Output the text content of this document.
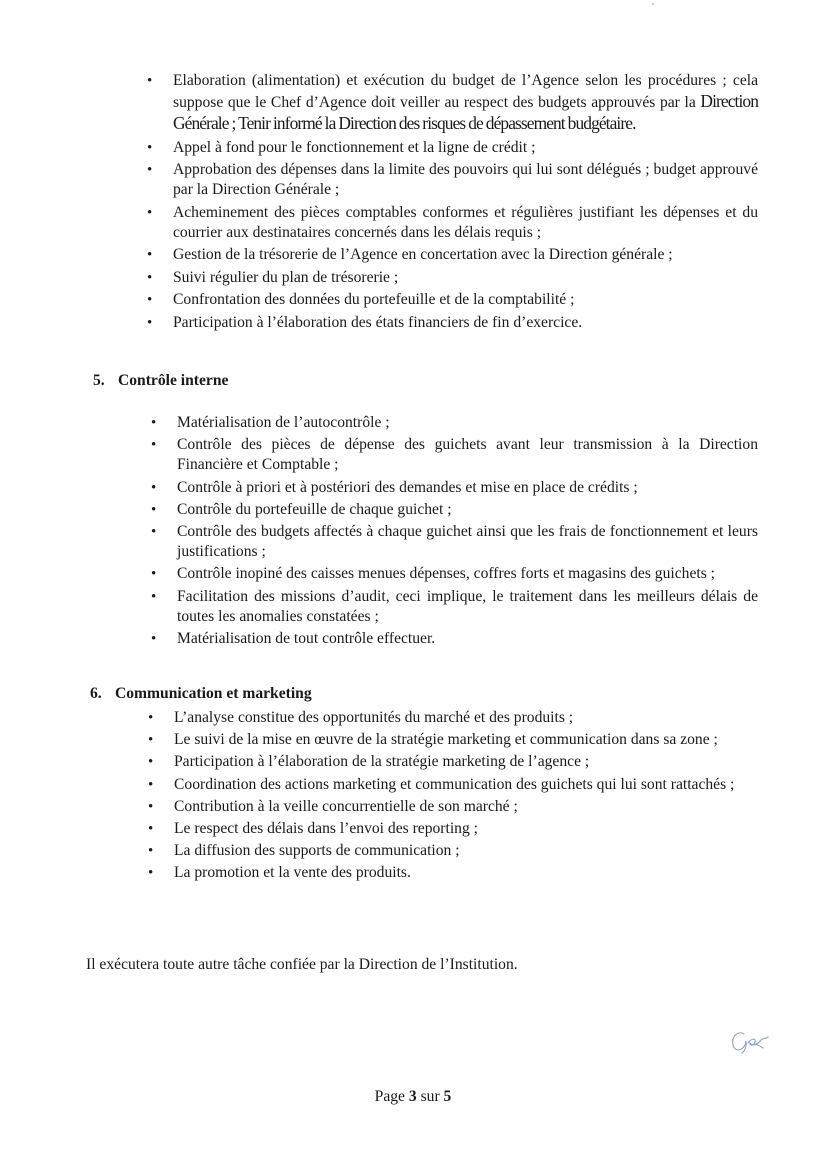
• Elaboration (alimentation) et exécution du budget de l’Agence selon les procédures ; cela suppose que le Chef d’Agence doit veiller au respect des budgets approuvés par la Direction Générale ; Tenir informé la Direction des risques de dépassement budgétaire.
• Appel à fond pour le fonctionnement et la ligne de crédit ;
• Approbation des dépenses dans la limite des pouvoirs qui lui sont délégués ; budget approuvé par la Direction Générale ;
• Acheminement des pièces comptables conformes et régulières justifiant les dépenses et du courrier aux destinataires concernés dans les délais requis ;
• Gestion de la trésorerie de l’Agence en concertation avec la Direction générale ;
• Suivi régulier du plan de trésorerie ;
• Confrontation des données du portefeuille et de la comptabilité ;
• Participation à l’élaboration des états financiers de fin d’exercice.
5. Contrôle interne
• Matérialisation de l’autocontrôle ;
• Contrôle des pièces de dépense des guichets avant leur transmission à la Direction Financière et Comptable ;
• Contrôle à priori et à postériori des demandes et mise en place de crédits ;
• Contrôle du portefeuille de chaque guichet ;
• Contrôle des budgets affectés à chaque guichet ainsi que les frais de fonctionnement et leurs justifications ;
• Contrôle inopiné des caisses menues dépenses, coffres forts et magasins des guichets ;
• Facilitation des missions d’audit, ceci implique, le traitement dans les meilleurs délais de toutes les anomalies constatées ;
• Matérialisation de tout contrôle effectuer.
6. Communication et marketing
• L’analyse constitue des opportunités du marché et des produits ;
• Le suivi de la mise en œuvre de la stratégie marketing et communication dans sa zone ;
• Participation à l’élaboration de la stratégie marketing de l’agence ;
• Coordination des actions marketing et communication des guichets qui lui sont rattachés ;
• Contribution à la veille concurrentielle de son marché ;
• Le respect des délais dans l’envoi des reporting ;
• La diffusion des supports de communication ;
• La promotion et la vente des produits.

Il exécutera toute autre tâche confiée par la Direction de l’Institution.

Page 3 sur 5
